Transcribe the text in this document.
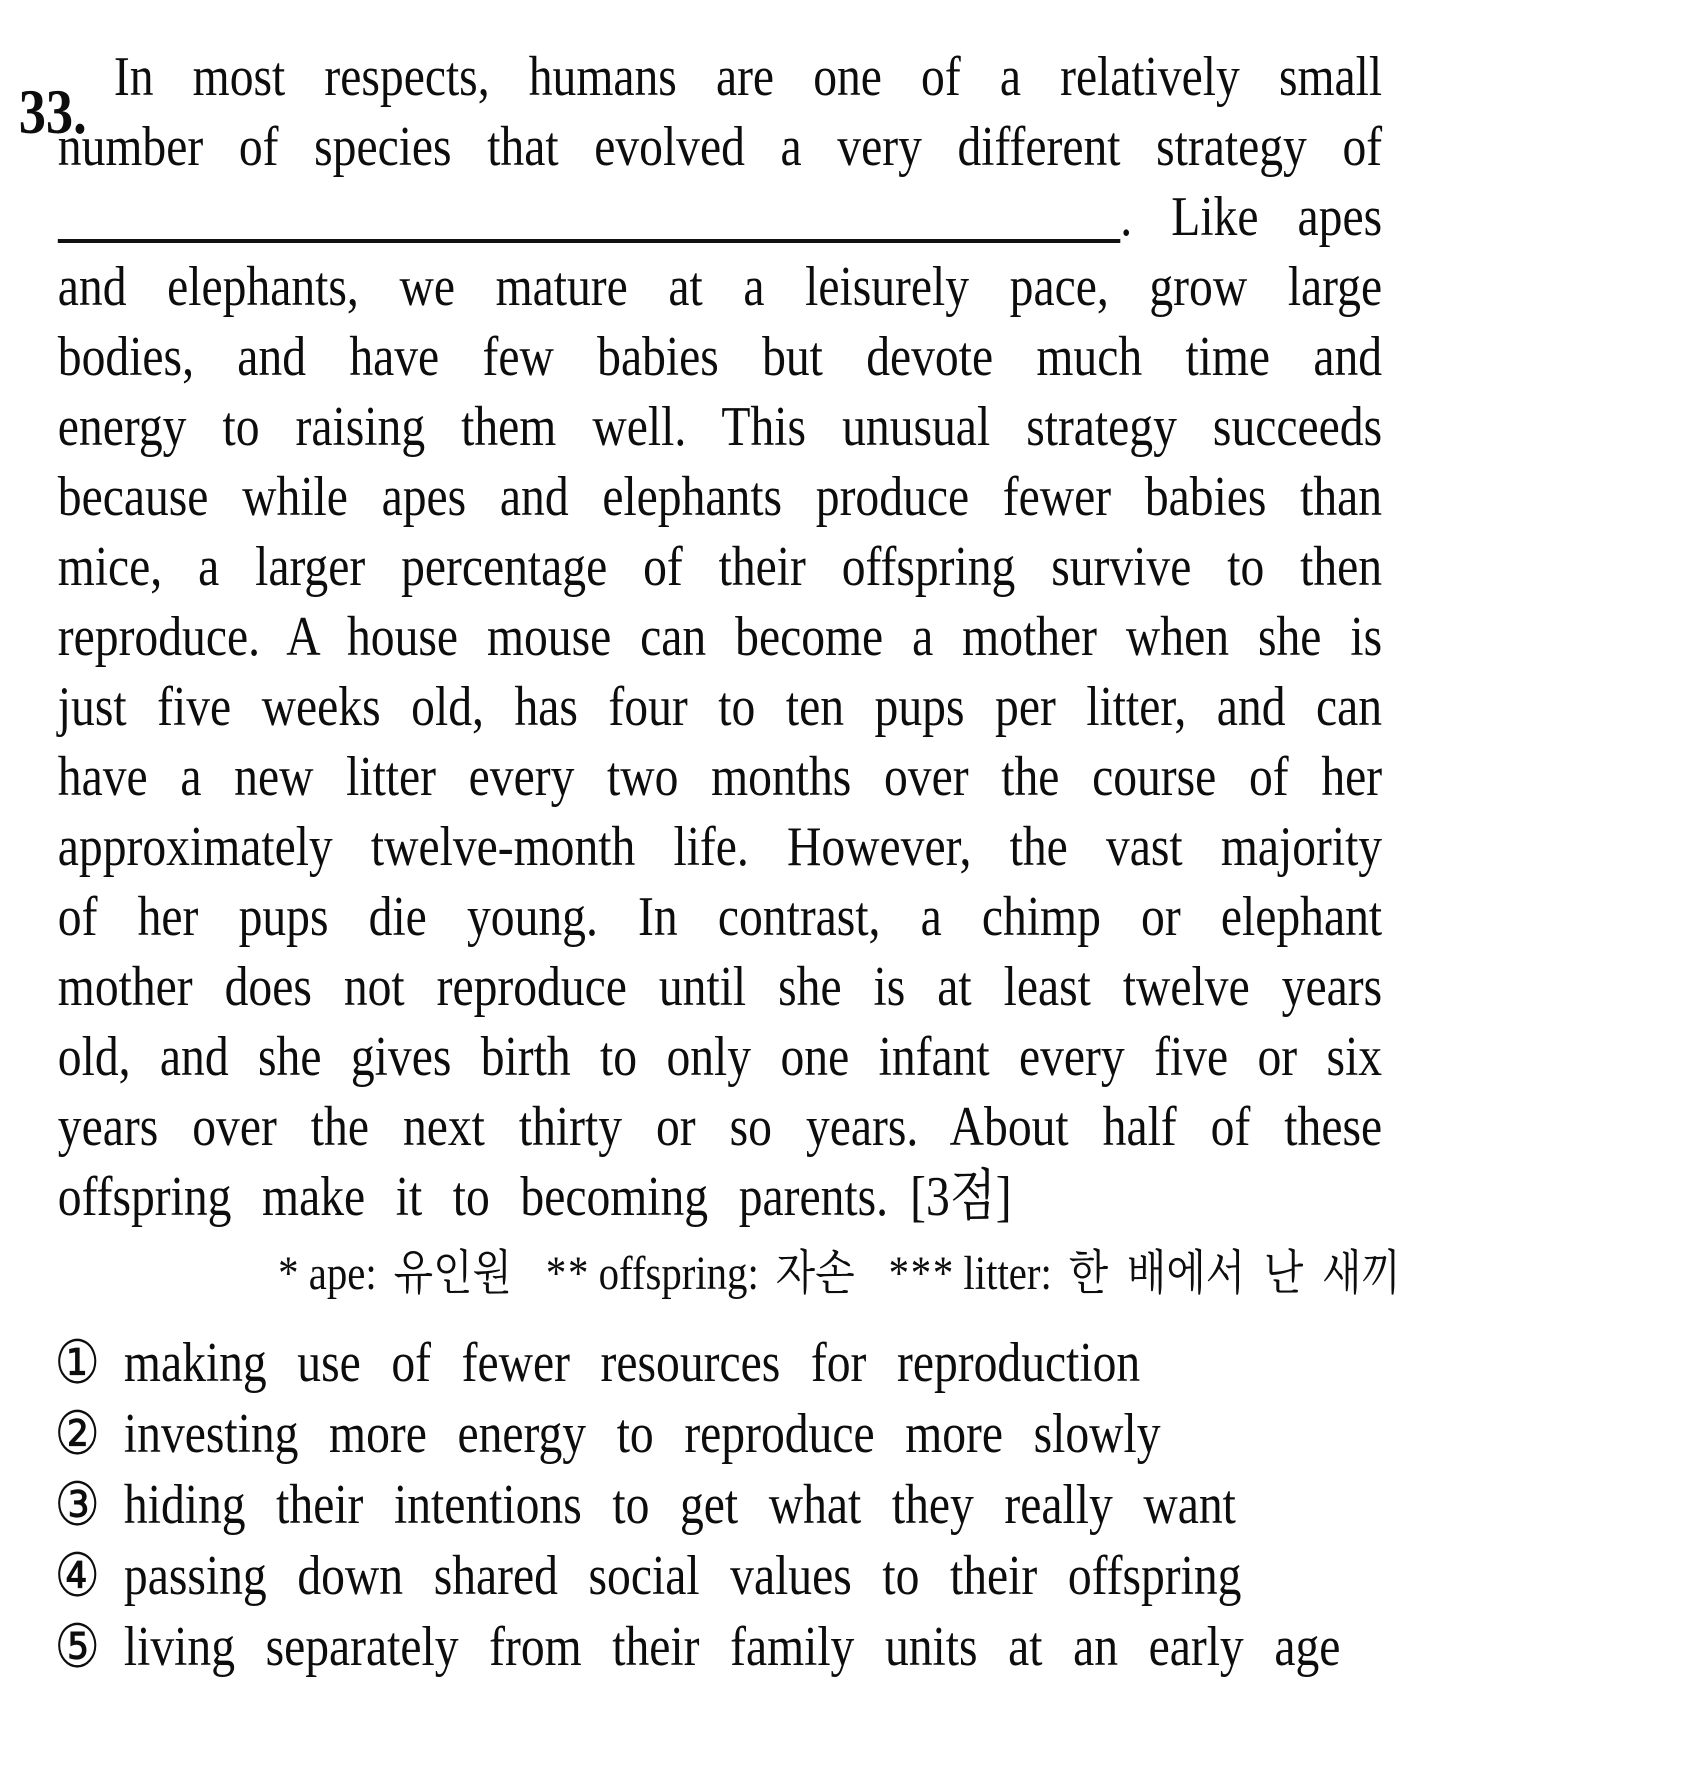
33. In most respects, humans are one of a relatively small
number of species that evolved a very different strategy of
. Like apes
and elephants, we mature at a leisurely pace, grow large
bodies, and have few babies but devote much time and
energy to raising them well. This unusual strategy succeeds
because while apes and elephants produce fewer babies than
mice, a larger percentage of their offspring survive to then
reproduce. A house mouse can become a mother when she is
just five weeks old, has four to ten pups per litter, and can
have a new litter every two months over the course of her
approximately twelve-month life. However, the vast majority
of her pups die young. In contrast, a chimp or elephant
mother does not reproduce until she is at least twelve years
old, and she gives birth to only one infant every five or six
years over the next thirty or so years. About half of these
offspring make it to becoming parents. [3점]
* ape: 유인원 ** offspring: 자손 *** litter: 한 배에서 난 새끼
① making use of fewer resources for reproduction
② investing more energy to reproduce more slowly
③ hiding their intentions to get what they really want
④ passing down shared social values to their offspring
⑤ living separately from their family units at an early age
